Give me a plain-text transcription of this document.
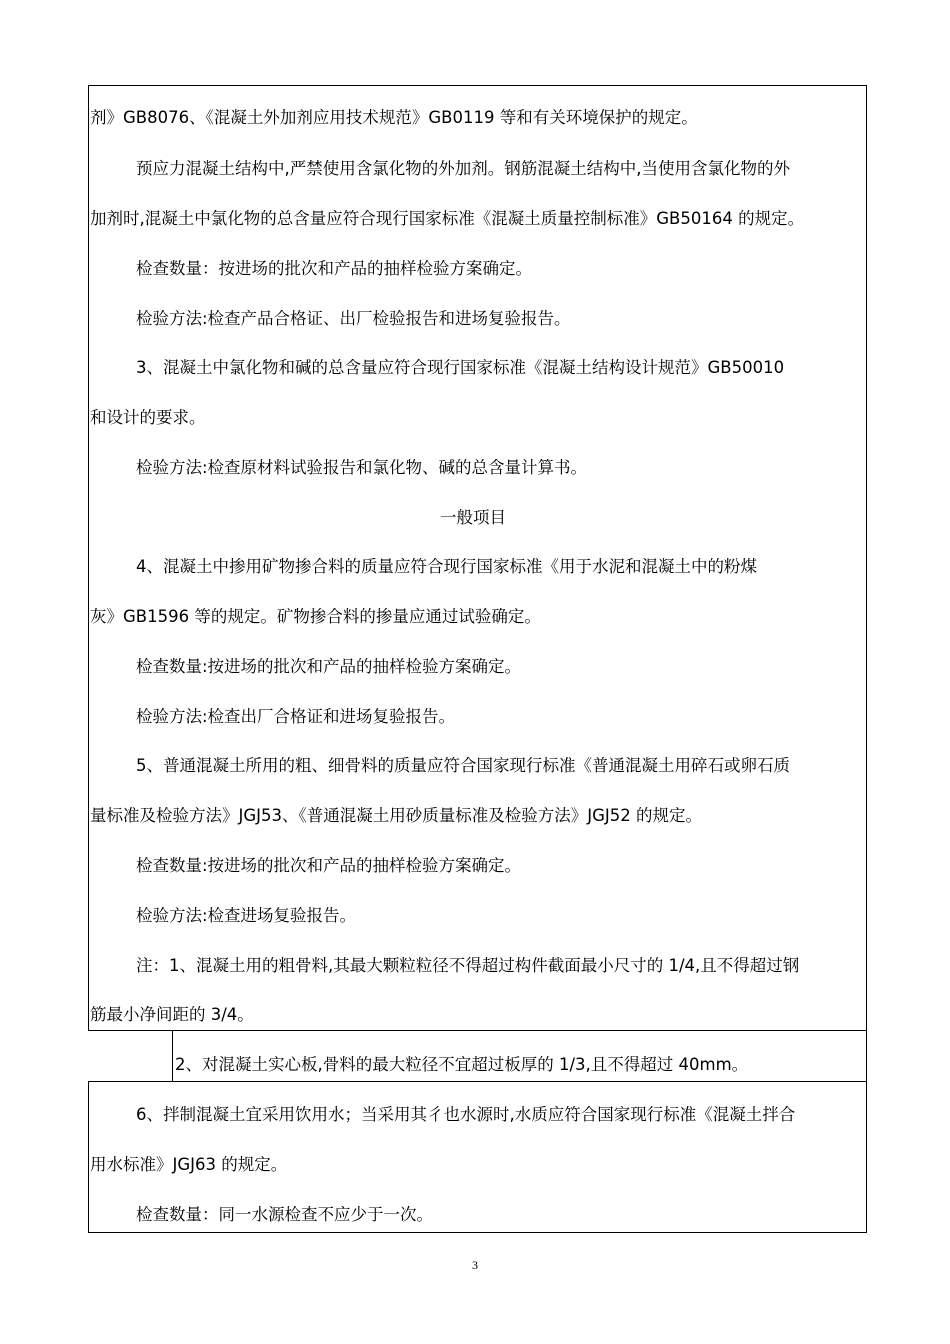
剂》GB8076、《混凝土外加剂应用技术规范》GB0119 等和有关环境保护的规定。
预应力混凝土结构中,严禁使用含氯化物的外加剂。钢筋混凝土结构中,当使用含氯化物的外
加剂时,混凝土中氯化物的总含量应符合现行国家标准《混凝土质量控制标准》GB50164 的规定。
检查数量：按进场的批次和产品的抽样检验方案确定。
检验方法:检查产品合格证、出厂检验报告和进场复验报告。
3、混凝土中氯化物和碱的总含量应符合现行国家标准《混凝土结构设计规范》GB50010
和设计的要求。
检验方法:检查原材料试验报告和氯化物、碱的总含量计算书。
一般项目
4、混凝土中掺用矿物掺合料的质量应符合现行国家标准《用于水泥和混凝土中的粉煤
灰》GB1596 等的规定。矿物掺合料的掺量应通过试验确定。
检查数量:按进场的批次和产品的抽样检验方案确定。
检验方法:检查出厂合格证和进场复验报告。
5、普通混凝土所用的粗、细骨料的质量应符合国家现行标准《普通混凝土用碎石或卵石质
量标准及检验方法》JGJ53、《普通混凝土用砂质量标准及检验方法》JGJ52 的规定。
检查数量:按进场的批次和产品的抽样检验方案确定。
检验方法:检查进场复验报告。
注：1、混凝土用的粗骨料,其最大颗粒粒径不得超过构件截面最小尺寸的 1/4,且不得超过钢
筋最小净间距的 3/4。
2、对混凝土实心板,骨料的最大粒径不宜超过板厚的 1/3,且不得超过 40mm。
6、拌制混凝土宜采用饮用水；当采用其彳也水源时,水质应符合国家现行标准《混凝土拌合
用水标准》JGJ63 的规定。
检查数量：同一水源检查不应少于一次。
3
